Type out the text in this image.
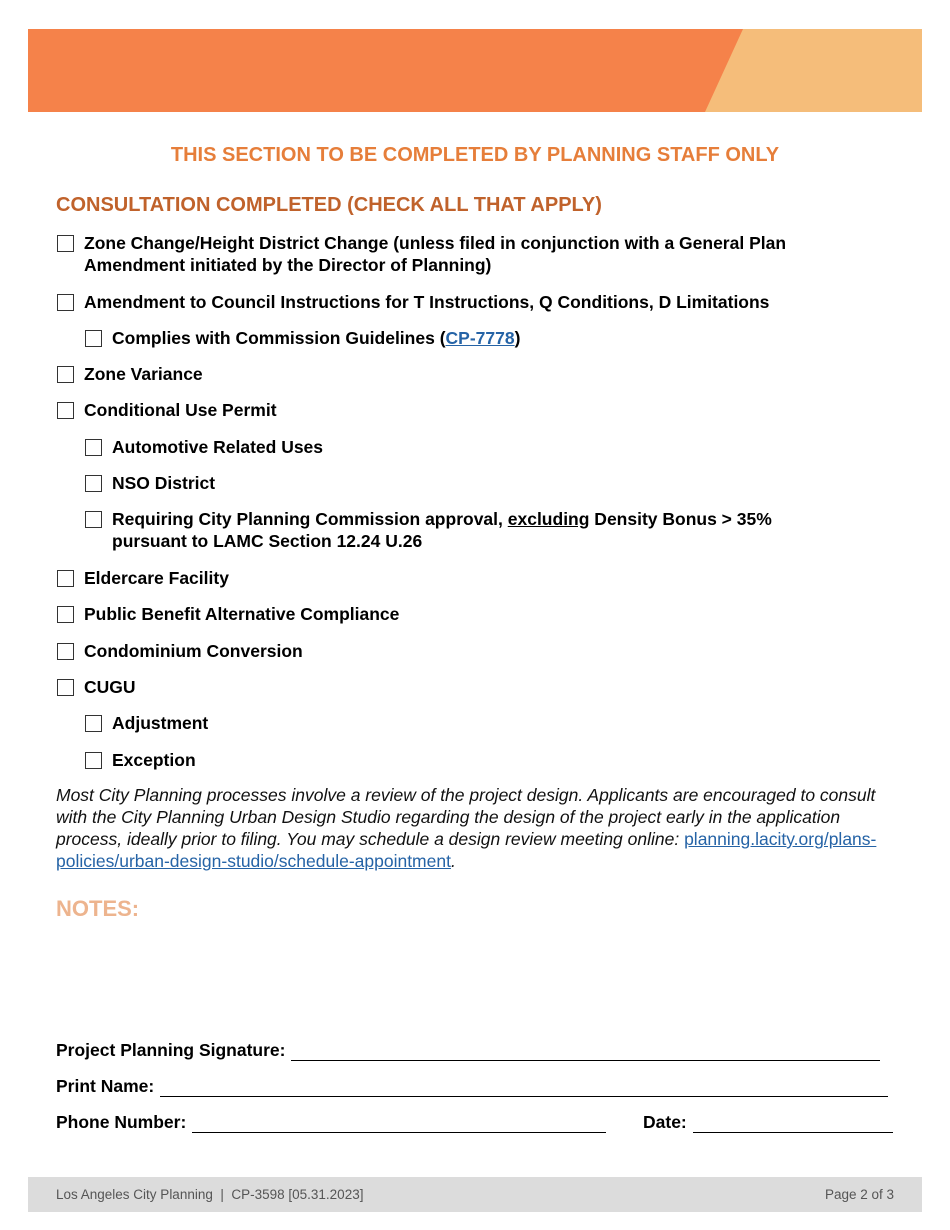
THIS SECTION TO BE COMPLETED BY PLANNING STAFF ONLY
CONSULTATION COMPLETED (CHECK ALL THAT APPLY)
Zone Change/Height District Change (unless filed in conjunction with a General Plan Amendment initiated by the Director of Planning)
Amendment to Council Instructions for T Instructions, Q Conditions, D Limitations
Complies with Commission Guidelines (CP-7778)
Zone Variance
Conditional Use Permit
Automotive Related Uses
NSO District
Requiring City Planning Commission approval, excluding Density Bonus > 35% pursuant to LAMC Section 12.24 U.26
Eldercare Facility
Public Benefit Alternative Compliance
Condominium Conversion
CUGU
Adjustment
Exception
Most City Planning processes involve a review of the project design. Applicants are encouraged to consult with the City Planning Urban Design Studio regarding the design of the project early in the application process, ideally prior to filing. You may schedule a design review meeting online: planning.lacity.org/plans-policies/urban-design-studio/schedule-appointment.
NOTES:
Project Planning Signature:
Print Name:
Phone Number:	Date:
Los Angeles City Planning  |  CP-3598 [05.31.2023]	Page 2 of 3
